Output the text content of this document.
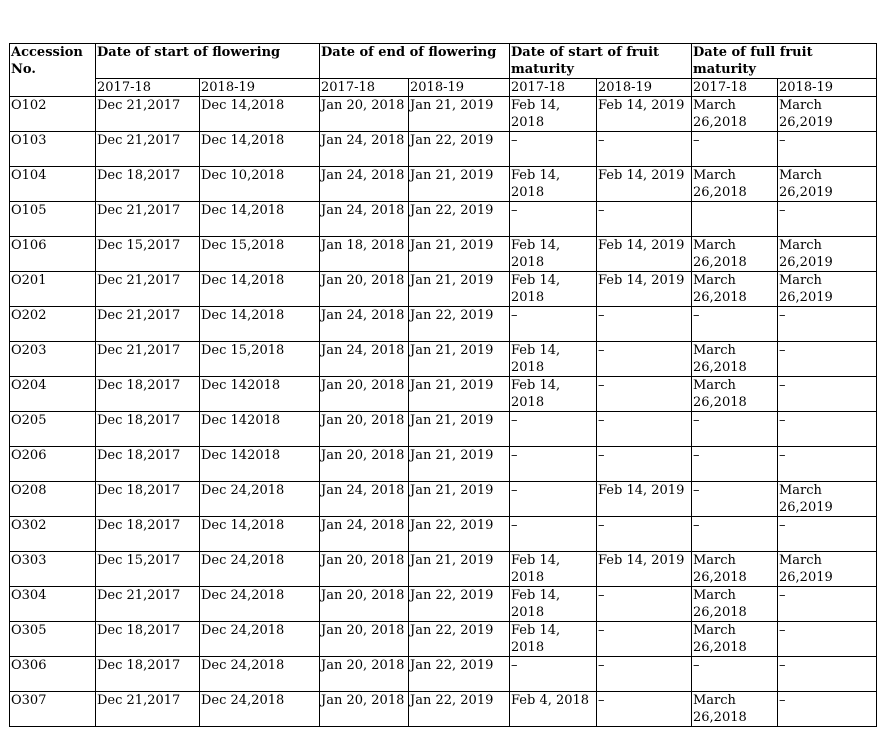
Accession No.	Date of start of flowering		Date of end of flowering		Date of start of fruit maturity		Date of full fruit maturity	
	2017-18	2018-19	2017-18	2018-19	2017-18	2018-19	2017-18	2018-19
O102	Dec 21,2017	Dec 14,2018	Jan 20, 2018	Jan 21, 2019	Feb 14, 2018	Feb 14, 2019	March 26,2018	March 26,2019
O103	Dec 21,2017	Dec 14,2018	Jan 24, 2018	Jan 22, 2019	–	–	–	–
O104	Dec 18,2017	Dec 10,2018	Jan 24, 2018	Jan 21, 2019	Feb 14, 2018	Feb 14, 2019	March 26,2018	March 26,2019
O105	Dec 21,2017	Dec 14,2018	Jan 24, 2018	Jan 22, 2019	–	–		–
O106	Dec 15,2017	Dec 15,2018	Jan 18, 2018	Jan 21, 2019	Feb 14, 2018	Feb 14, 2019	March 26,2018	March 26,2019
O201	Dec 21,2017	Dec 14,2018	Jan 20, 2018	Jan 21, 2019	Feb 14, 2018	Feb 14, 2019	March 26,2018	March 26,2019
O202	Dec 21,2017	Dec 14,2018	Jan 24, 2018	Jan 22, 2019	–	–	–	–
O203	Dec 21,2017	Dec 15,2018	Jan 24, 2018	Jan 21, 2019	Feb 14, 2018	–	March 26,2018	–
O204	Dec 18,2017	Dec 142018	Jan 20, 2018	Jan 21, 2019	Feb 14, 2018	–	March 26,2018	–
O205	Dec 18,2017	Dec 142018	Jan 20, 2018	Jan 21, 2019	–	–	–	–
O206	Dec 18,2017	Dec 142018	Jan 20, 2018	Jan 21, 2019	–	–	–	–
O208	Dec 18,2017	Dec 24,2018	Jan 24, 2018	Jan 21, 2019	–	Feb 14, 2019	–	March 26,2019
O302	Dec 18,2017	Dec 14,2018	Jan 24, 2018	Jan 22, 2019	–	–	–	–
O303	Dec 15,2017	Dec 24,2018	Jan 20, 2018	Jan 21, 2019	Feb 14, 2018	Feb 14, 2019	March 26,2018	March 26,2019
O304	Dec 21,2017	Dec 24,2018	Jan 20, 2018	Jan 22, 2019	Feb 14, 2018	–	March 26,2018	–
O305	Dec 18,2017	Dec 24,2018	Jan 20, 2018	Jan 22, 2019	Feb 14, 2018	–	March 26,2018	–
O306	Dec 18,2017	Dec 24,2018	Jan 20, 2018	Jan 22, 2019	–	–	–	–
O307	Dec 21,2017	Dec 24,2018	Jan 20, 2018	Jan 22, 2019	Feb 4, 2018	–	March 26,2018	–
